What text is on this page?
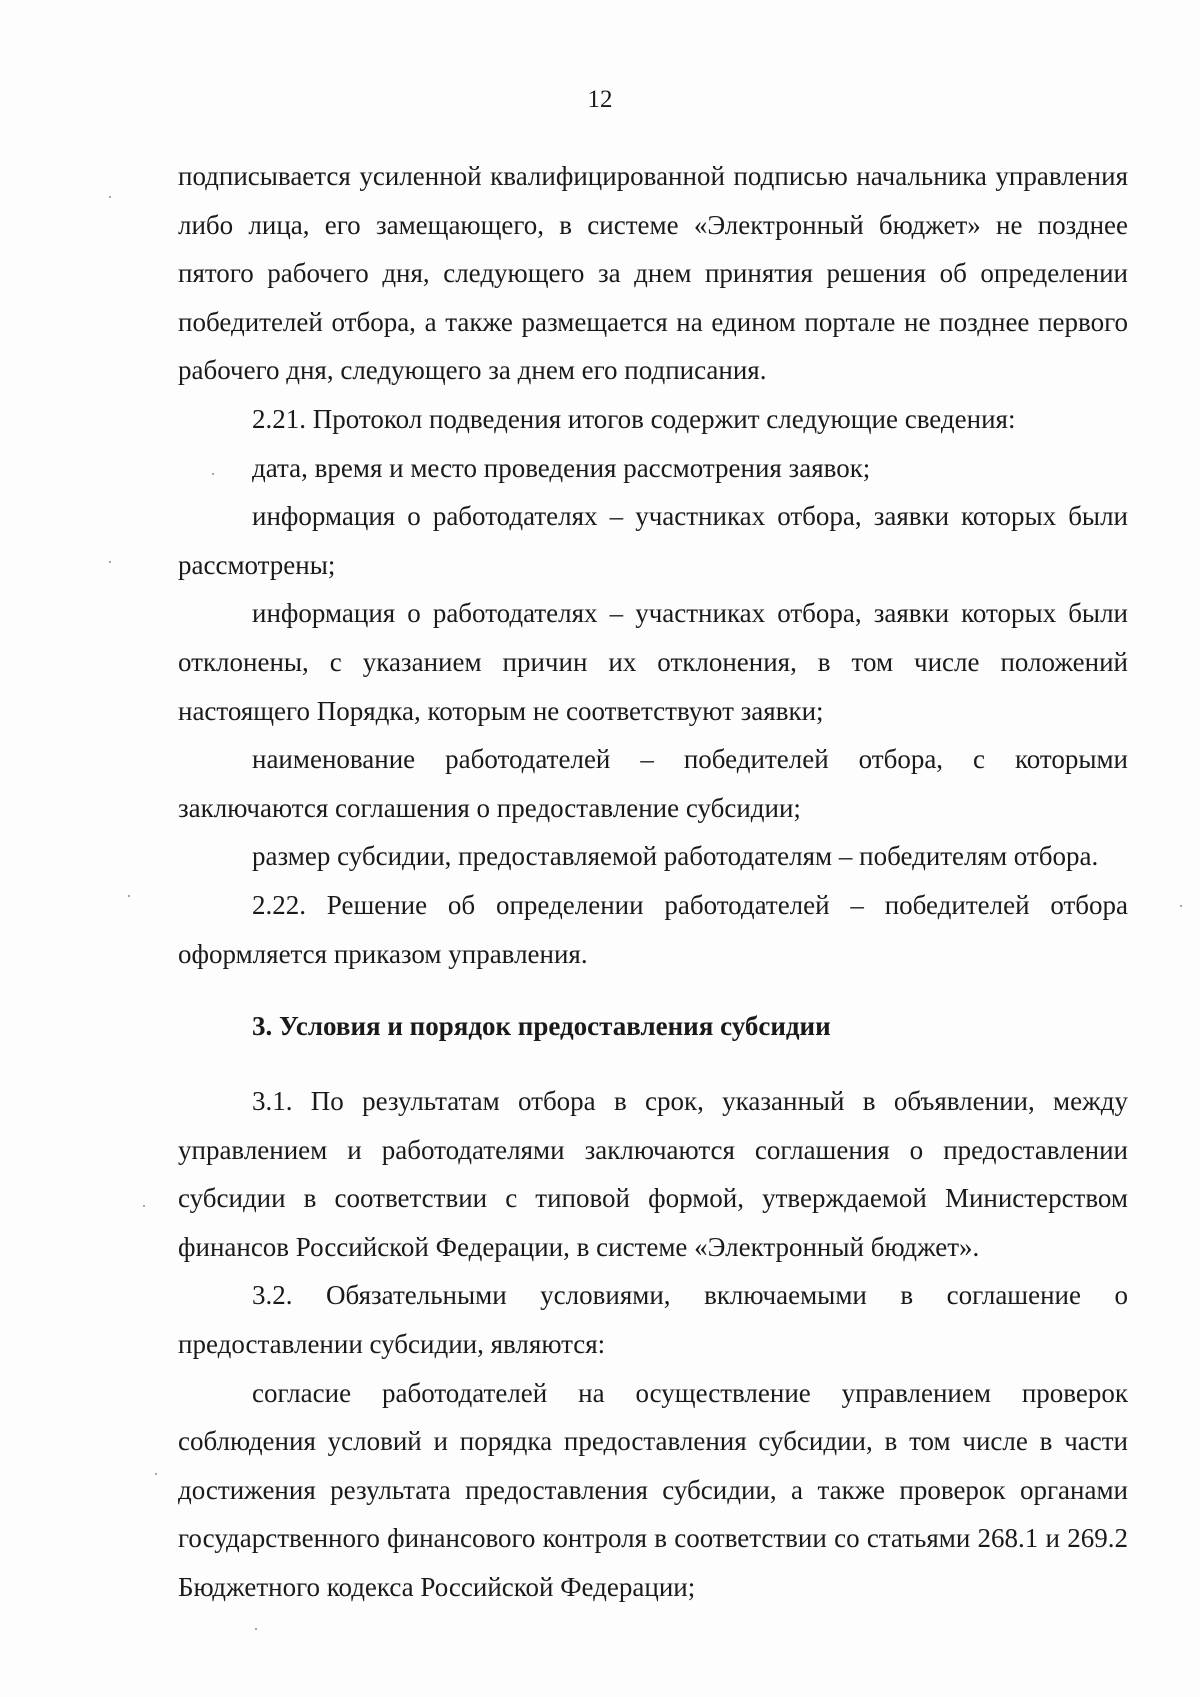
12

подписывается усиленной квалифицированной подписью начальника управления либо лица, его замещающего, в системе «Электронный бюджет» не позднее пятого рабочего дня, следующего за днем принятия решения об определении победителей отбора, а также размещается на едином портале не позднее первого рабочего дня, следующего за днем его подписания.

2.21. Протокол подведения итогов содержит следующие сведения:

дата, время и место проведения рассмотрения заявок;

информация о работодателях – участниках отбора, заявки которых были рассмотрены;

информация о работодателях – участниках отбора, заявки которых были отклонены, с указанием причин их отклонения, в том числе положений настоящего Порядка, которым не соответствуют заявки;

наименование работодателей – победителей отбора, с которыми заключаются соглашения о предоставление субсидии;

размер субсидии, предоставляемой работодателям – победителям отбора.

2.22. Решение об определении работодателей – победителей отбора оформляется приказом управления.

3. Условия и порядок предоставления субсидии

3.1. По результатам отбора в срок, указанный в объявлении, между управлением и работодателями заключаются соглашения о предоставлении субсидии в соответствии с типовой формой, утверждаемой Министерством финансов Российской Федерации, в системе «Электронный бюджет».

3.2. Обязательными условиями, включаемыми в соглашение о предоставлении субсидии, являются:

согласие работодателей на осуществление управлением проверок соблюдения условий и порядка предоставления субсидии, в том числе в части достижения результата предоставления субсидии, а также проверок органами государственного финансового контроля в соответствии со статьями 268.1 и 269.2 Бюджетного кодекса Российской Федерации;
